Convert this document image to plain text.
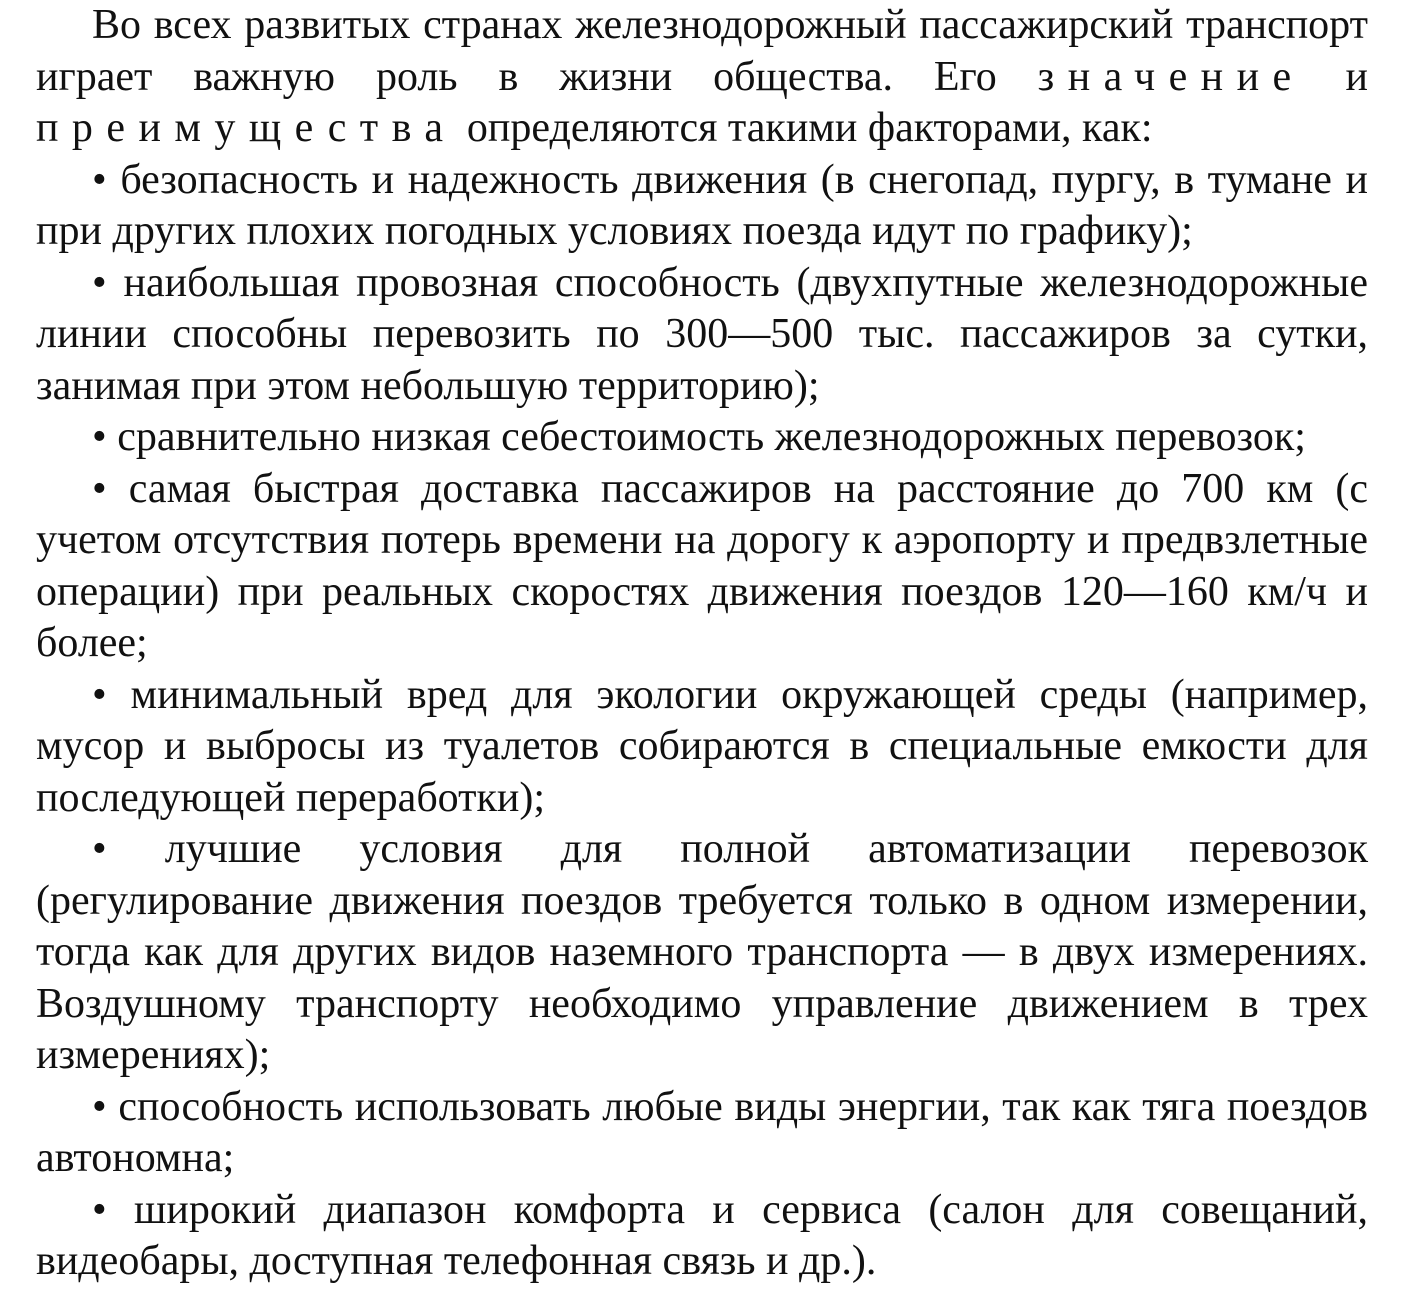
Во всех развитых странах железнодорожный пассажирский транспорт играет важную роль в жизни общества. Его значение и преимущества определяются такими факторами, как:

• безопасность и надежность движения (в снегопад, пургу, в тумане и при других плохих погодных условиях поезда идут по графику);
• наибольшая провозная способность (двухпутные железнодорожные линии способны перевозить по 300—500 тыс. пассажиров за сутки, занимая при этом небольшую территорию);
• сравнительно низкая себестоимость железнодорожных перевозок;
• самая быстрая доставка пассажиров на расстояние до 700 км (с учетом отсутствия потерь времени на дорогу к аэропорту и предвзлетные операции) при реальных скоростях движения поездов 120—160 км/ч и более;
• минимальный вред для экологии окружающей среды (например, мусор и выбросы из туалетов собираются в специальные емкости для последующей переработки);
• лучшие условия для полной автоматизации перевозок (регулирование движения поездов требуется только в одном измерении, тогда как для других видов наземного транспорта — в двух измерениях. Воздушному транспорту необходимо управление движением в трех измерениях);
• способность использовать любые виды энергии, так как тяга поездов автономна;
• широкий диапазон комфорта и сервиса (салон для совещаний, видеобары, доступная телефонная связь и др.).
